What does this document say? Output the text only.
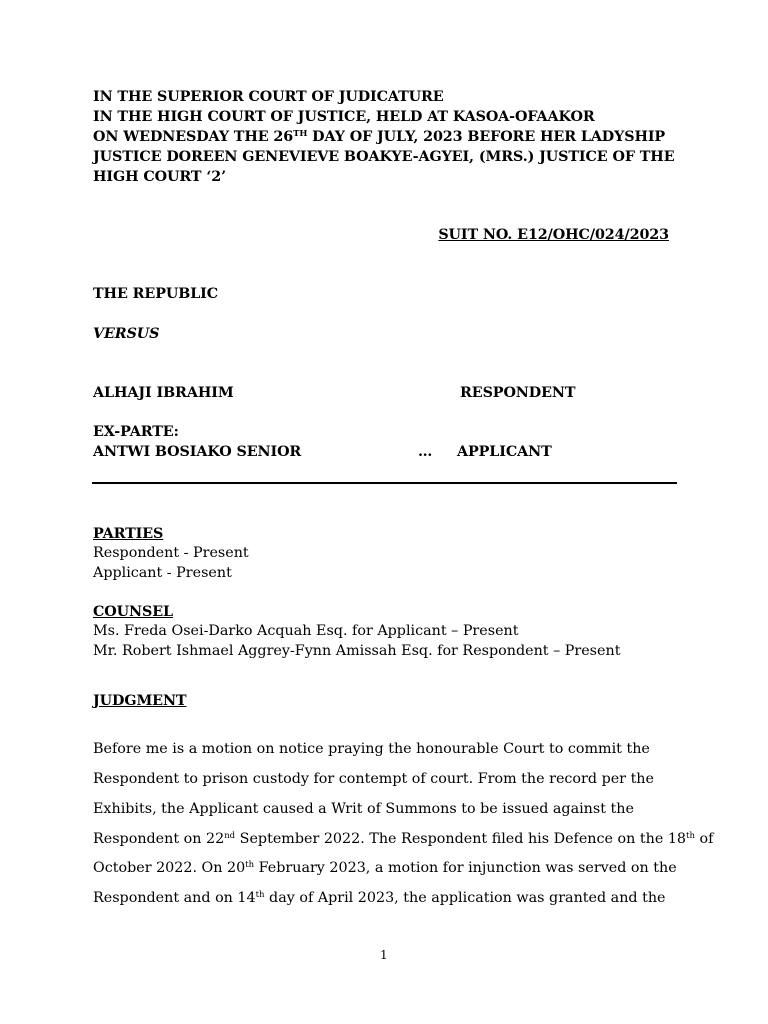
IN THE SUPERIOR COURT OF JUDICATURE
IN THE HIGH COURT OF JUSTICE, HELD AT KASOA-OFAAKOR
ON WEDNESDAY THE 26TH DAY OF JULY, 2023 BEFORE HER LADYSHIP
JUSTICE DOREEN GENEVIEVE BOAKYE-AGYEI, (MRS.) JUSTICE OF THE
HIGH COURT ‘2’
SUIT NO. E12/OHC/024/2023
THE REPUBLIC
VERSUS
ALHAJI IBRAHIM	RESPONDENT
EX-PARTE:
ANTWI BOSIAKO SENIOR	… APPLICANT
PARTIES
Respondent - Present
Applicant - Present
COUNSEL
Ms. Freda Osei-Darko Acquah Esq. for Applicant – Present
Mr. Robert Ishmael Aggrey-Fynn Amissah Esq. for Respondent – Present
JUDGMENT
Before me is a motion on notice praying the honourable Court to commit the
Respondent to prison custody for contempt of court. From the record per the
Exhibits, the Applicant caused a Writ of Summons to be issued against the
Respondent on 22nd September 2022. The Respondent filed his Defence on the 18th of
October 2022. On 20th February 2023, a motion for injunction was served on the
Respondent and on 14th day of April 2023, the application was granted and the
1
